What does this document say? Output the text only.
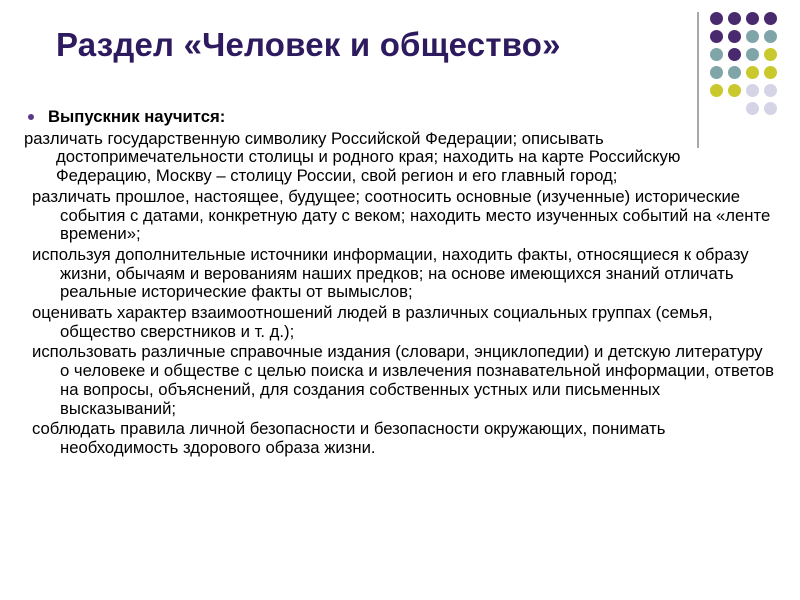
Раздел «Человек и общество»
Выпускник научится:

различать государственную символику Российской Федерации; описывать достопримечательности столицы и родного края; находить на карте Российскую Федерацию, Москву – столицу России, свой регион и его главный город;

различать прошлое, настоящее, будущее; соотносить основные (изученные) исторические события с датами, конкретную дату с веком; находить место изученных событий на «ленте времени»;

используя дополнительные источники информации, находить факты, относящиеся к образу жизни, обычаям и верованиям наших предков; на основе имеющихся знаний отличать реальные исторические факты от вымыслов;

оценивать характер взаимоотношений людей в различных социальных группах (семья, общество сверстников и т. д.);

использовать различные справочные издания (словари, энциклопедии) и детскую литературу о человеке и обществе с целью поиска и извлечения познавательной информации, ответов на вопросы, объяснений, для создания собственных устных или письменных высказываний;

соблюдать правила личной безопасности и безопасности окружающих, понимать необходимость здорового образа жизни.
